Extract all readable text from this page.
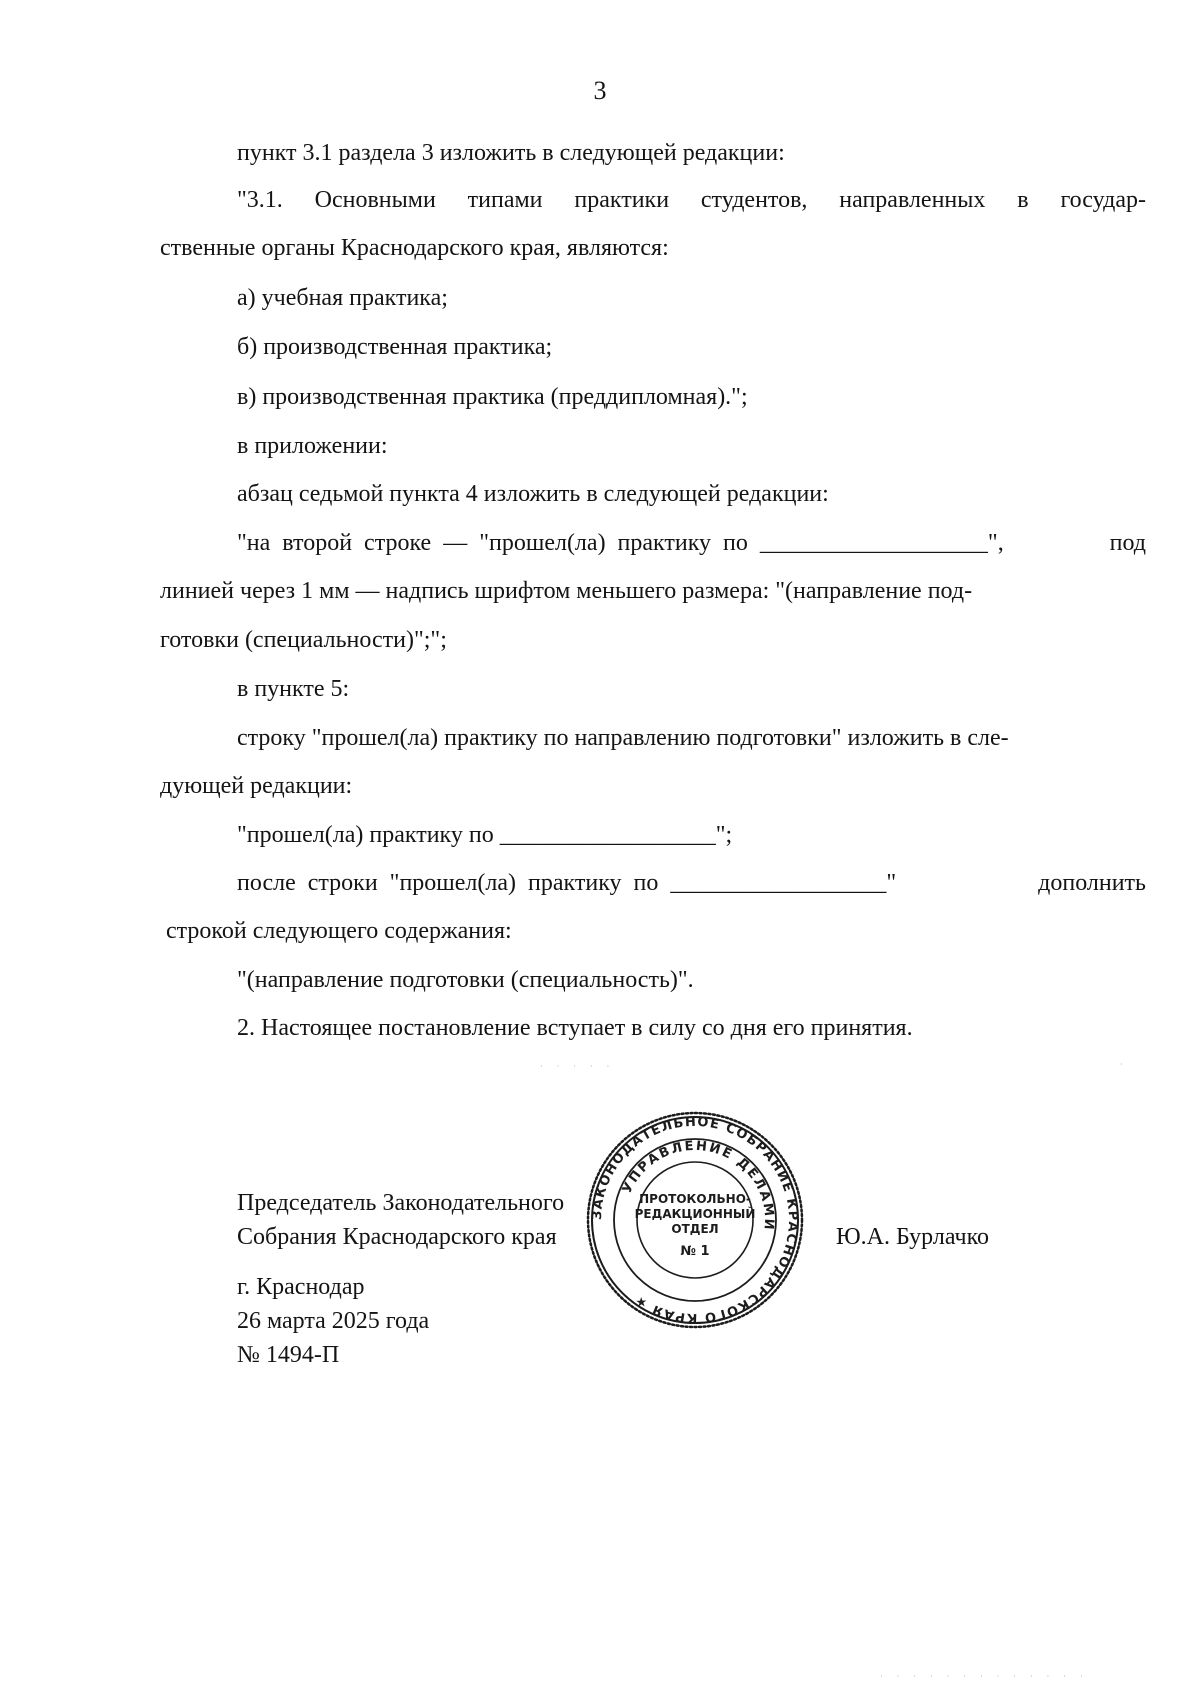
3
пункт 3.1 раздела 3 изложить в следующей редакции:
"3.1. Основными типами практики студентов, направленных в государ-
ственные органы Краснодарского края, являются:
а) учебная практика;
б) производственная практика;
в) производственная практика (преддипломная).";
в приложении:
абзац седьмой пункта 4 изложить в следующей редакции:
"на  второй  строке  —  "прошел(ла)  практику  по  ___________________",	под
линией через 1 мм — надпись шрифтом меньшего размера: "(направление под-
готовки (специальности)";";
в пункте 5:
строку "прошел(ла) практику по направлению подготовки" изложить в сле-
дующей редакции:
"прошел(ла) практику по __________________";
после  строки  "прошел(ла)  практику  по  __________________"	дополнить
строкой следующего содержания:
"(направление подготовки (специальность)".
2. Настоящее постановление вступает в силу со дня его принятия.
· · · · ·	·
Председатель Законодательного
Собрания Краснодарского края	Ю.А. Бурлачко
г. Краснодар
26 марта 2025 года
№ 1494-П
ЗАКОНОДАТЕЛЬНОЕ СОБРАНИЕ КРАСНОДАРСКОГО КРАЯ ★
УПРАВЛЕНИЕ ДЕЛАМИ
ПРОТОКОЛЬНО-
РЕДАКЦИОННЫЙ
ОТДЕЛ
№ 1
· · · · · · · · · · · · ·
